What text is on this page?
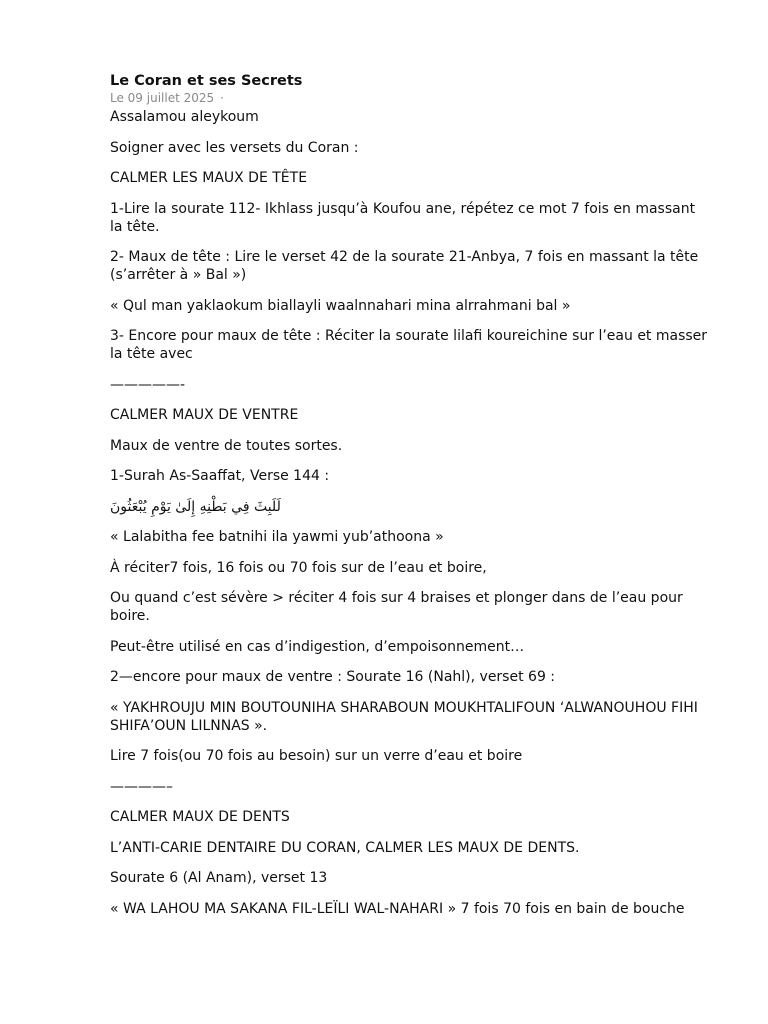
Le Coran et ses Secrets
Le 09 juillet 2025 ·

Assalamou aleykoum

Soigner avec les versets du Coran :

CALMER LES MAUX DE TÊTE

1-Lire la sourate 112- Ikhlass jusqu’à Koufou ane, répétez ce mot 7 fois en massant la tête.

2- Maux de tête : Lire le verset 42 de la sourate 21-Anbya, 7 fois en massant la tête (s’arrêter à » Bal »)

« Qul man yaklaokum biallayli waalnnahari mina alrrahmani bal »

3- Encore pour maux de tête : Réciter la sourate lilafi koureichine sur l’eau et masser la tête avec

—————-

CALMER MAUX DE VENTRE

Maux de ventre de toutes sortes.

1-Surah As-Saaffat, Verse 144 :

لَلَبِثَ فِي بَطْنِهِ إِلَىٰ يَوْمِ يُبْعَثُونَ

« Lalabitha fee batnihi ila yawmi yub’athoona »

À réciter7 fois, 16 fois ou 70 fois sur de l’eau et boire,

Ou quand c’est sévère > réciter 4 fois sur 4 braises et plonger dans de l’eau pour boire.

Peut-être utilisé en cas d’indigestion, d’empoisonnement…

2—encore pour maux de ventre : Sourate 16 (Nahl), verset 69 :

« YAKHROUJU MIN BOUTOUNIHA SHARABOUN MOUKHTALIFOUN ‘ALWANOUHOU FIHI SHIFA’OUN LILNNAS ».

Lire 7 fois(ou 70 fois au besoin) sur un verre d’eau et boire

————–

CALMER MAUX DE DENTS

L’ANTI-CARIE DENTAIRE DU CORAN, CALMER LES MAUX DE DENTS.

Sourate 6 (Al Anam), verset 13

« WA LAHOU MA SAKANA FIL-LEÏLI WAL-NAHARI » 7 fois 70 fois en bain de bouche
